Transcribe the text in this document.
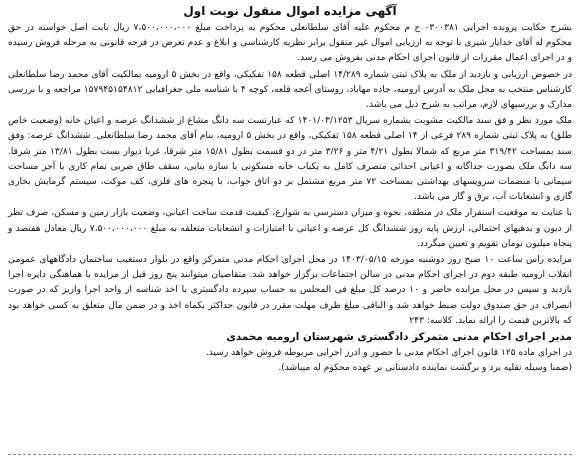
آگهی مزایده اموال منقول نوبت اول

بشرح حکایت پرونده اجرایی ۰۳۰۰۳۸۱ ج م محکوم علیه آقای سلطانعلی محکوم به پرداخت مبلغ ۷،۵۰۰،۰۰۰،۰۰۰ ریال بابت اصل خواسته در حق محکوم له آقای خدایار شیری با توجه به ارزیابی اموال غیر منقول برابر نظریه کارشناسی و ابلاغ و عدم تعرض در فرجه قانونی به مرحله فروش رسیده و در اجرای اعمال مقررات از قانون اجرای احکام مدنی بفروش می رسد.

در خصوص ارزیابی و بازدید از ملک به پلاک ثبتی شماره ۱۴/۲۸۹ اصلی قطعه ۱۵۸ تفکیکی، واقع در بخش ۵ ارومیه بمالکیت آقای محمد رضا سلطانعلی کارشناس منتخب به محل ملک به آدرس ارومیه، جاده مهاباد، روستای آغجه قلعه، کوچه ۴ با شناسه ملی جغرافیایی ۱۵۷۹۴۵۱۵۴۸۱۲ مراجعه و با بررسی مدارک و بررسیهای لازم، مراتب به شرح ذیل می باشد.

ملک مورد نظر و فق سند مالکیت مشوبت بشماره سریال ۱۴۰۱/۰۳/۱۲۵۳ که عبارتست سه دانگ مشاع از ششدانگ عرصه و اعیان خانه (وضعیت خاص طلق) به پلاک ثبتی شماره ۲۸۹ فرعی از ۱۴ اصلی قطعه ۱۵۸ تفکیکی، واقع در بخش ۵ ارومیه، بنام آقای محمد رضا سلطانعلی. ششدانگ عرصه: وفق سند بمساحت ۳۱۹/۴۲ متر مربع که شمالا بطول ۴/۲۱ متر و ۳/۲۶ متر در دو قسمت بطول ۱۵/۸۱ متر شرقا، غربا دیوار بست بطول ۱۳/۸۱ متر شرقا. سه دانگ ملک بصورت جداگانه و اعیانی احداثی متصرف کامل به یکباب خانه مسکونی با سازه بنایی، سقف طاق ضربی تمام کاری با آجر مساحت سیمانی با منضمات سرویسهای بهداشتی بمساحت ۷۲ متر مربع مشتمل بر دو اتاق خواب، با پنجره های فلزی، کف موکت، سیستم گرمایش بخاری گازی و انشعابات آب، برق و گاز می باشد.

با عنایت به موقعیت استقرار ملک در منطقه، نحوه و میزان دسترسی به شوارع، کیفیت قدمت ساخت اعیانی، وضعیت بازار زمین و مسکن، صرف نظر از دیون و بدهیهای احتمالی، ارزش پایه روز ششدانگ کل عرصه و اعیانی با امتیازات و انشعابات متعلقه به مبلغ ۷،۵۰۰،۰۰۰،۰۰۰ ریال معادل هفتصد و پنجاه میلیون تومان تقویم و تعیین میگردد.

مزایده راس ساعت ۱۰ صبح روز دوشنبه مورخه ۱۴۰۳/۰۵/۱۵ در محل اجرای احکام مدنی متمرکز واقع در بلوار دستغیب ساختمان دادگاههای عمومی انقلاب ارومیه طبقه دوم در اجرای احکام مدنی در سالن اجتماعات برگزار خواهد شد. متقاضیان میتوانند پنج روز قبل از مزایده با هماهنگی دایره اجرا بازدید و سپس در محل مزایده حاضر و ۱۰ درصد کل مبلغ فی المجلس به حساب سپرده دادگستری با اخذ شناسه از واحد اجرا واریز که در صورت انصراف در حق صندوق دولت ضبط خواهد شد و الباقی مبلغ ظرف مهلت مقرر در قانون حداکثر یکماه اخذ و در ضمن مال متعلق به کسی خواهد بود که بالاترین قیمت را ارائه نماید. کلاسه: ۲۴۳

مدیر اجرای احکام مدنی متمرکز دادگستری شهرستان ارومیه محمدی

در اجرای ماده ۱۲۵ قانون اجرای احکام مدنی با حضور و ادرز اجرایی مربوطه فروش خواهد رسید.

(ضمنا وسیله نقلیه برد و برگشت نماینده دادستانی بر عهده محکوم له میباشد).
